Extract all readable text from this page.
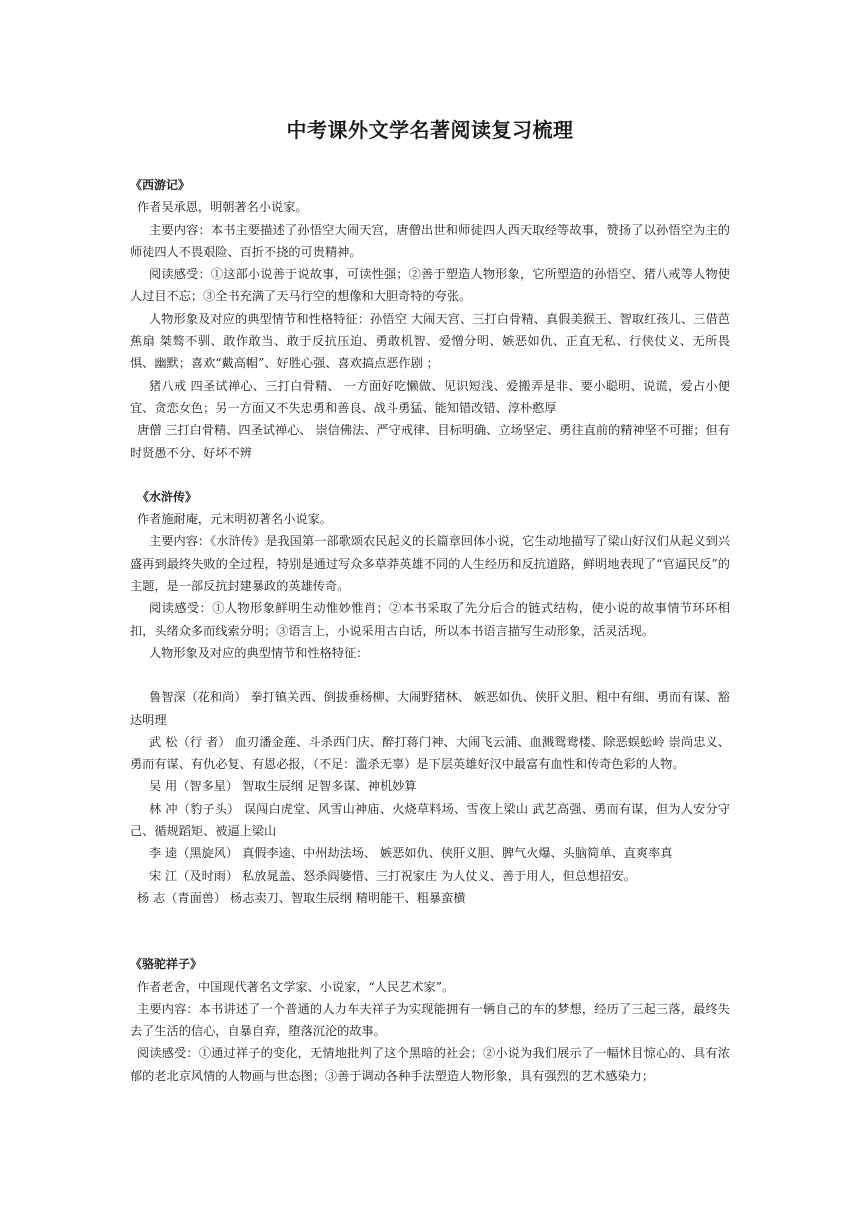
中考课外文学名著阅读复习梳理

《西游记》

作者吴承恩，明朝著名小说家。

主要内容：本书主要描述了孙悟空大闹天宫，唐僧出世和师徒四人西天取经等故事，赞扬了以孙悟空为主的师徒四人不畏艰险、百折不挠的可贵精神。

阅读感受：①这部小说善于说故事，可读性强；②善于塑造人物形象，它所塑造的孙悟空、猪八戒等人物使人过目不忘；③全书充满了天马行空的想像和大胆奇特的夸张。

人物形象及对应的典型情节和性格特征：孙悟空 大闹天宫、三打白骨精、真假美猴王、智取红孩儿、三借芭蕉扇 桀骜不驯、敢作敢当、敢于反抗压迫、勇敢机智、爱憎分明、嫉恶如仇、正直无私、行侠仗义、无所畏惧、幽默；喜欢“戴高帽”、好胜心强、喜欢搞点恶作剧 ；

猪八戒 四圣试禅心、三打白骨精、 一方面好吃懒做、见识短浅、爱搬弄是非、要小聪明、说谎，爱占小便宜、贪恋女色；另一方面又不失忠勇和善良、战斗勇猛、能知错改错、淳朴憨厚

唐僧 三打白骨精、四圣试禅心、 崇信佛法、严守戒律、目标明确、立场坚定、勇往直前的精神坚不可摧；但有时贤愚不分、好坏不辨

《水浒传》

作者施耐庵，元末明初著名小说家。

主要内容：《水浒传》是我国第一部歌颂农民起义的长篇章回体小说，它生动地描写了梁山好汉们从起义到兴盛再到最终失败的全过程，特别是通过写众多草莽英雄不同的人生经历和反抗道路，鲜明地表现了“官逼民反”的主题，是一部反抗封建暴政的英雄传奇。

阅读感受：①人物形象鲜明生动惟妙惟肖；②本书采取了先分后合的链式结构，使小说的故事情节环环相扣，头绪众多而线索分明；③语言上，小说采用古白话，所以本书语言描写生动形象，活灵活现。

人物形象及对应的典型情节和性格特征：

鲁智深（花和尚） 拳打镇关西、倒拔垂杨柳、大闹野猪林、 嫉恶如仇、侠肝义胆、粗中有细、勇而有谋、豁达明理

武 松（行 者） 血刃潘金莲、斗杀西门庆、醉打蒋门神、大闹飞云浦、血溅鸳鸯楼、除恶蜈蚣岭 崇尚忠义、勇而有谋、有仇必复、有恩必报，（不足：滥杀无辜）是下层英雄好汉中最富有血性和传奇色彩的人物。

吴 用（智多星） 智取生辰纲 足智多谋、神机妙算

林 冲（豹子头） 误闯白虎堂、风雪山神庙、火烧草料场、雪夜上梁山 武艺高强、勇而有谋，但为人安分守己、循规蹈矩、被逼上梁山

李 逵（黑旋风） 真假李逵、中州劫法场、 嫉恶如仇、侠肝义胆、脾气火爆、头脑简单、直爽率真

宋 江（及时雨） 私放晁盖、怒杀阎婆惜、三打祝家庄 为人仗义、善于用人，但总想招安。

杨 志（青面兽） 杨志卖刀、智取生辰纲 精明能干、粗暴蛮横

《骆驼祥子》

作者老舍，中国现代著名文学家、小说家，“人民艺术家”。

主要内容：本书讲述了一个普通的人力车夫祥子为实现能拥有一辆自己的车的梦想，经历了三起三落，最终失去了生活的信心，自暴自弃，堕落沉沦的故事。

阅读感受：①通过祥子的变化，无情地批判了这个黑暗的社会；②小说为我们展示了一幅怵目惊心的、具有浓郁的老北京风情的人物画与世态图；③善于调动各种手法塑造人物形象，具有强烈的艺术感染力；
